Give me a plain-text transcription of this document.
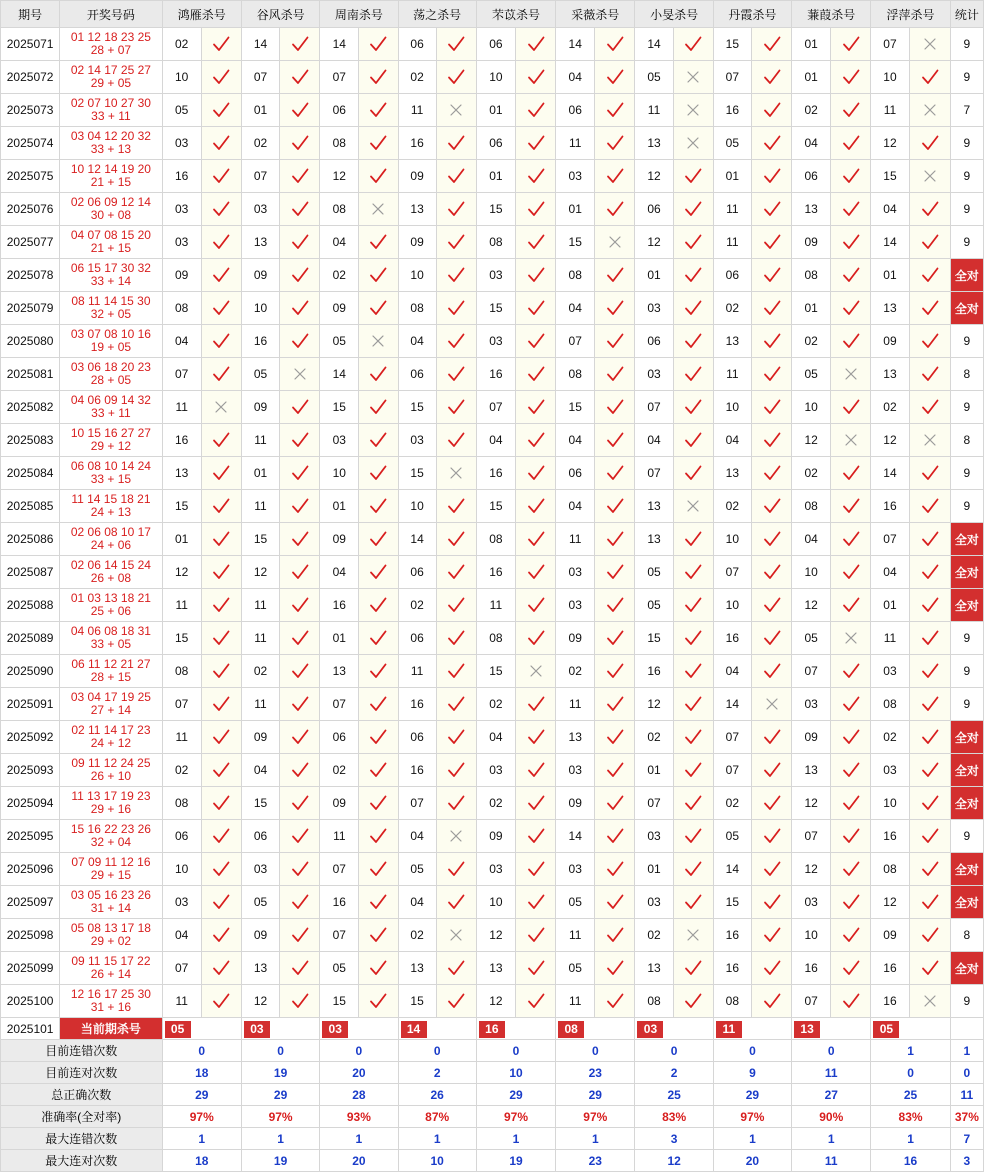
期号	开奖号码	鸿雁杀号		谷风杀号		周南杀号		荡之杀号		芣苡杀号		采薇杀号		小旻杀号		丹霞杀号		蒹葭杀号		浮萍杀号		统计
2025071	01 12 18 23 25
28 + 07	02		14		14		06		06		14		14		15		01		07		9
2025072	02 14 17 25 27
29 + 05	10		07		07		02		10		04		05		07		01		10		9
2025073	02 07 10 27 30
33 + 11	05		01		06		11		01		06		11		16		02		11		7
2025074	03 04 12 20 32
33 + 13	03		02		08		16		06		11		13		05		04		12		9
2025075	10 12 14 19 20
21 + 15	16		07		12		09		01		03		12		01		06		15		9
2025076	02 06 09 12 14
30 + 08	03		03		08		13		15		01		06		11		13		04		9
2025077	04 07 08 15 20
21 + 15	03		13		04		09		08		15		12		11		09		14		9
2025078	06 15 17 30 32
33 + 14	09		09		02		10		03		08		01		06		08		01		全对
2025079	08 11 14 15 30
32 + 05	08		10		09		08		15		04		03		02		01		13		全对
2025080	03 07 08 10 16
19 + 05	04		16		05		04		03		07		06		13		02		09		9
2025081	03 06 18 20 23
28 + 05	07		05		14		06		16		08		03		11		05		13		8
2025082	04 06 09 14 32
33 + 11	11		09		15		15		07		15		07		10		10		02		9
2025083	10 15 16 27 27
29 + 12	16		11		03		03		04		04		04		04		12		12		8
2025084	06 08 10 14 24
33 + 15	13		01		10		15		16		06		07		13		02		14		9
2025085	11 14 15 18 21
24 + 13	15		11		01		10		15		04		13		02		08		16		9
2025086	02 06 08 10 17
24 + 06	01		15		09		14		08		11		13		10		04		07		全对
2025087	02 06 14 15 24
26 + 08	12		12		04		06		16		03		05		07		10		04		全对
2025088	01 03 13 18 21
25 + 06	11		11		16		02		11		03		05		10		12		01		全对
2025089	04 06 08 18 31
33 + 05	15		11		01		06		08		09		15		16		05		11		9
2025090	06 11 12 21 27
28 + 15	08		02		13		11		15		02		16		04		07		03		9
2025091	03 04 17 19 25
27 + 14	07		11		07		16		02		11		12		14		03		08		9
2025092	02 11 14 17 23
24 + 12	11		09		06		06		04		13		02		07		09		02		全对
2025093	09 11 12 24 25
26 + 10	02		04		02		16		03		03		01		07		13		03		全对
2025094	11 13 17 19 23
29 + 16	08		15		09		07		02		09		07		02		12		10		全对
2025095	15 16 22 23 26
32 + 04	06		06		11		04		09		14		03		05		07		16		9
2025096	07 09 11 12 16
29 + 15	10		03		07		05		03		03		01		14		12		08		全对
2025097	03 05 16 23 26
31 + 14	03		05		16		04		10		05		03		15		03		12		全对
2025098	05 08 13 17 18
29 + 02	04		09		07		02		12		11		02		16		10		09		8
2025099	09 11 15 17 22
26 + 14	07		13		05		13		13		05		13		16		16		16		全对
2025100	12 16 17 25 30
31 + 16	11		12		15		15		12		11		08		08		07		16		9
2025101	当前期杀号	05		03		03		14		16		08		03		11		13		05		
目前连错次数		0		0		0		0		0		0		0		0		0		1		1
目前连对次数		18		19		20		2		10		23		2		9		11		0		0
总正确次数		29		29		28		26		29		29		25		29		27		25		11
准确率(全对率)		97%		97%		93%		87%		97%		97%		83%		97%		90%		83%		37%
最大连错次数		1		1		1		1		1		1		3		1		1		1		7
最大连对次数		18		19		20		10		19		23		12		20		11		16		3
